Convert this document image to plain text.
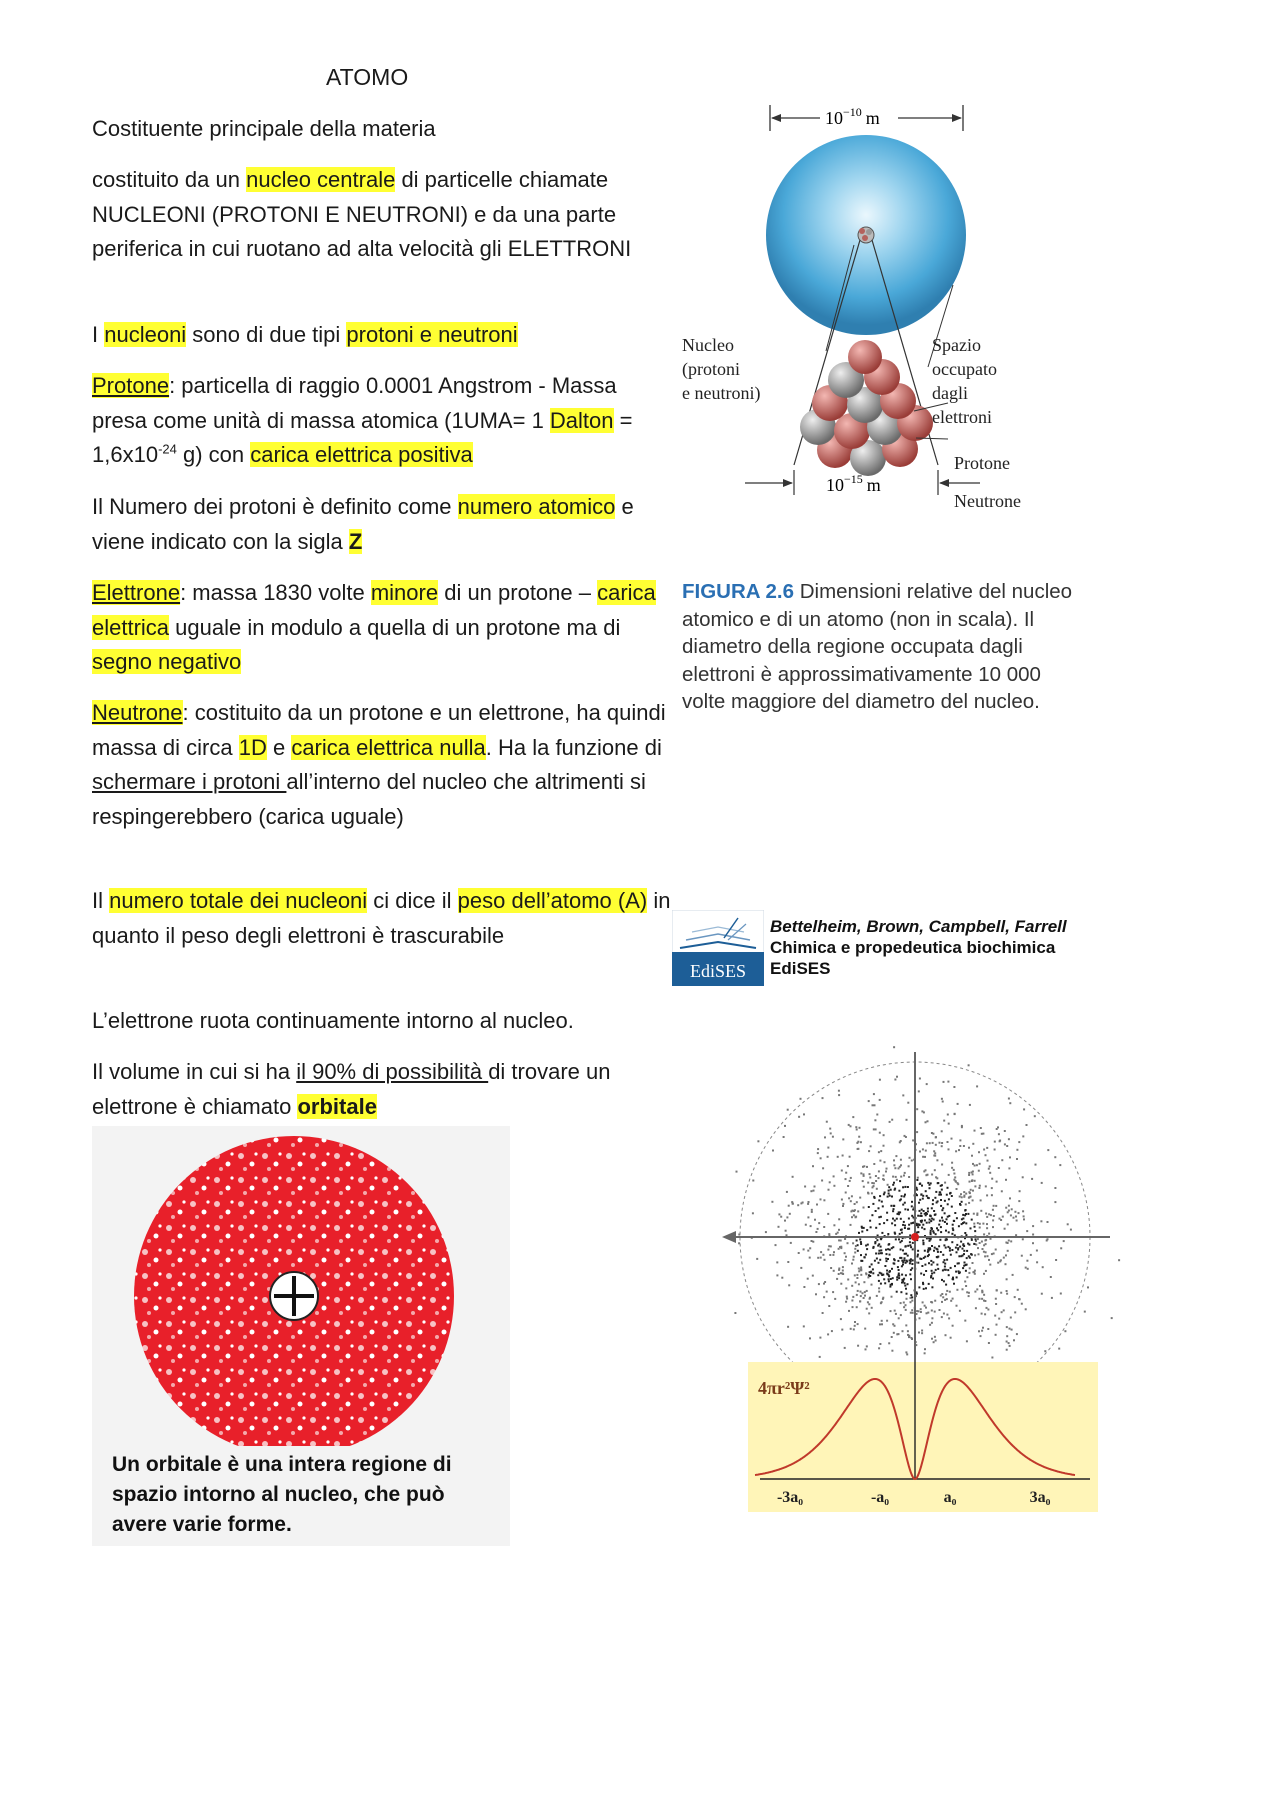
ATOMO
Costituente principale della materia
costituito da un nucleo centrale di particelle chiamate NUCLEONI (PROTONI E NEUTRONI) e da una parte periferica in cui ruotano ad alta velocità gli ELETTRONI
I nucleoni sono di due tipi protoni e neutroni
Protone: particella di raggio 0.0001 Angstrom - Massa presa come unità di massa atomica (1UMA= 1 Dalton = $1,6x10^{-24}$ g) con carica elettrica positiva
Il Numero dei protoni è definito come numero atomico e viene indicato con la sigla Z
Elettrone: massa 1830 volte minore di un protone – carica elettrica uguale in modulo a quella di un protone ma di segno negativo
Neutrone: costituito da un protone e un elettrone, ha quindi massa di circa 1D e carica elettrica nulla. Ha la funzione di schermare i protoni all’interno del nucleo che altrimenti si respingerebbero (carica uguale)
Il numero totale dei nucleoni ci dice il peso dell’atomo (A) in quanto il peso degli elettroni è trascurabile
L’elettrone ruota continuamente intorno al nucleo.
Il volume in cui si ha il 90% di possibilità di trovare un elettrone è chiamato orbitale
$10^{-10}$ m
$10^{-15}$ m
Nucleo
(protoni
e neutroni)
Spazio
occupato
dagli
elettroni
Protone
Neutrone
FIGURA 2.6 Dimensioni relative del nucleo atomico e di un atomo (non in scala). Il diametro della regione occupata dagli elettroni è approssimativamente 10 000 volte maggiore del diametro del nucleo.
EdiSES
Bettelheim, Brown, Campbell, Farrell
Chimica e propedeutica biochimica
EdiSES
Un orbitale è una intera regione di spazio intorno al nucleo, che può avere varie forme.
4πr²Ψ²
-3a₀	-a₀	a₀	3a₀
